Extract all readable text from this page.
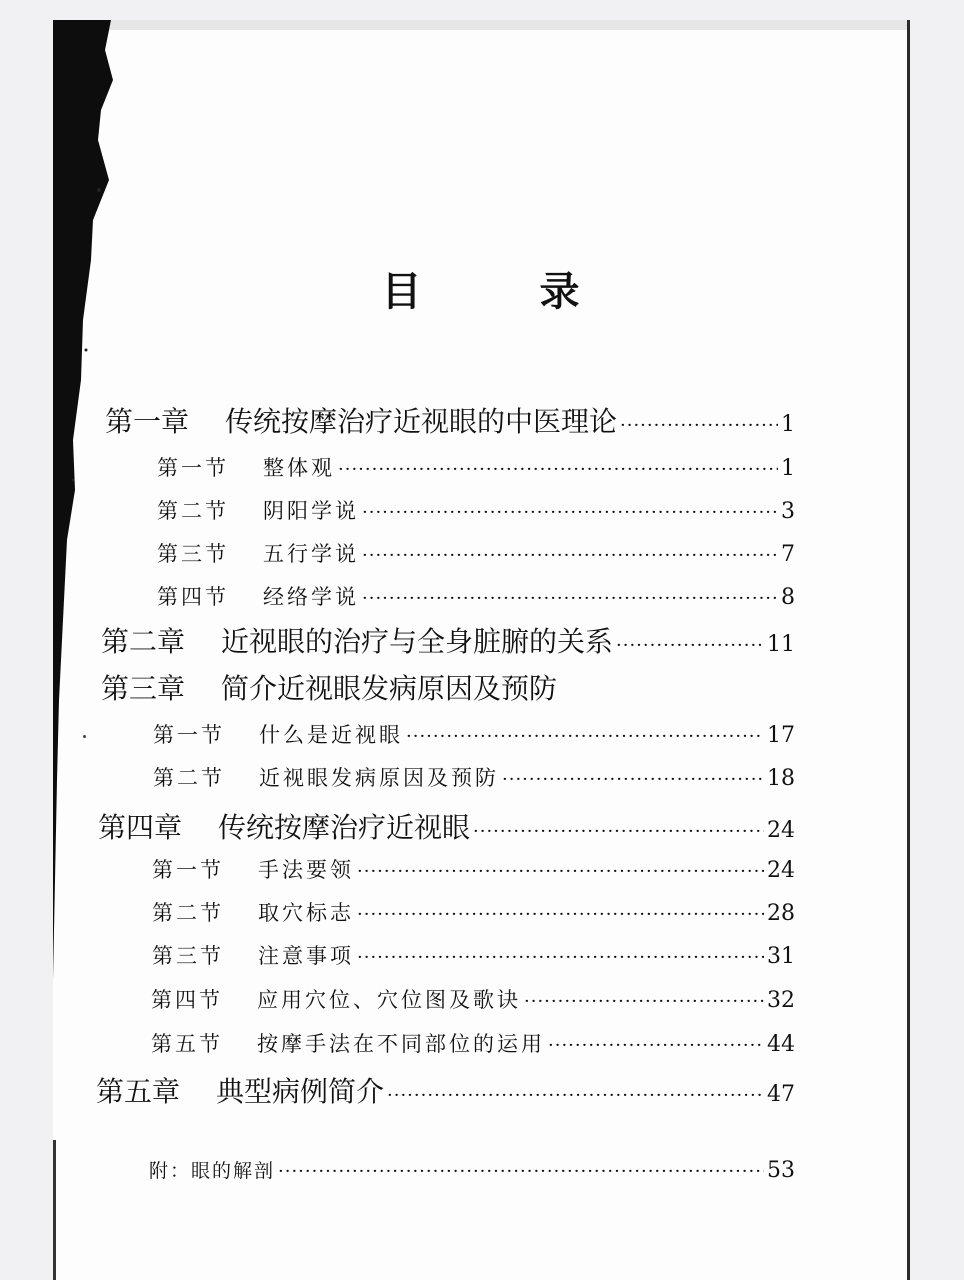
目录
第一章	传统按摩治疗近视眼的中医理论 ·····	1
第一节	整体观 ·····	1
第二节	阴阳学说 ·····	3
第三节	五行学说 ·····	7
第四节	经络学说 ·····	8
第二章	近视眼的治疗与全身脏腑的关系 ·····	11
第三章	简介近视眼发病原因及预防
第一节	什么是近视眼 ·····	17
第二节	近视眼发病原因及预防 ·····	18
第四章	传统按摩治疗近视眼 ·····	24
第一节	手法要领 ·····	24
第二节	取穴标志 ·····	28
第三节	注意事项 ·····	31
第四节	应用穴位、穴位图及歌诀 ·····	32
第五节	按摩手法在不同部位的运用 ·····	44
第五章	典型病例简介 ·····	47
附：眼的解剖 ·····	53
